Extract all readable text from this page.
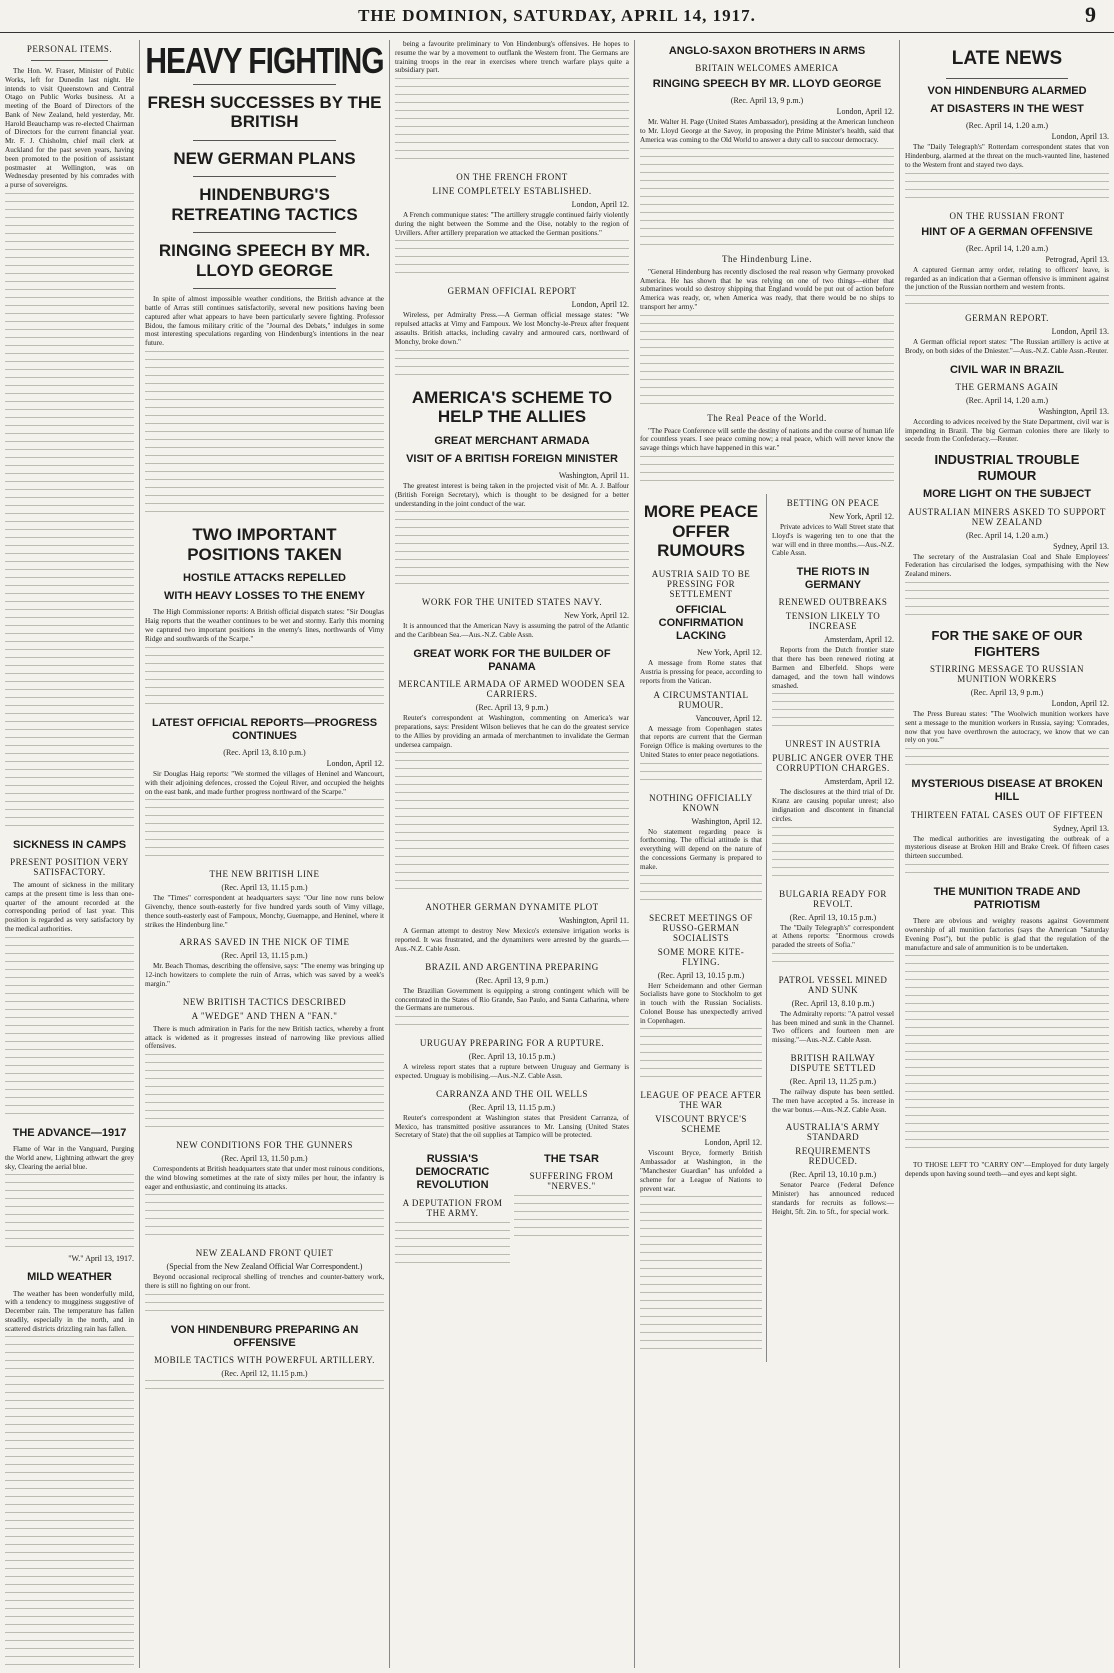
THE DOMINION, SATURDAY, APRIL 14, 1917.	9
PERSONAL ITEMS.

The Hon. W. Fraser, Minister of Public Works, left for Dunedin last night. He intends to visit Queenstown and Central Otago on Public Works business. At a meeting of the Board of Directors of the Bank of New Zealand, held yesterday, Mr. Harold Beauchamp was re-elected Chairman of Directors for the current financial year. Mr. F. J. Chisholm, chief mail clerk at Auckland for the past seven years, having been promoted to the position of assistant postmaster at Wellington, was on Wednesday presented by his comrades with a purse of sovereigns.

SICKNESS IN CAMPS
PRESENT POSITION VERY SATISFACTORY.

The amount of sickness in the military camps at the present time is less than one-quarter of the amount recorded at the corresponding period of last year. This position is regarded as very satisfactory by the medical authorities.

THE ADVANCE—1917

Flame of War in the Vanguard, Purging the World anew, Lightning athwart the grey sky, Clearing the aerial blue.

"W." April 13, 1917.
MILD WEATHER

The weather has been wonderfully mild, with a tendency to mugginess suggestive of December rain. The temperature has fallen steadily, especially in the north, and in scattered districts drizzling rain has fallen.

HEAVY FIGHTING
FRESH SUCCESSES BY THE BRITISH
NEW GERMAN PLANS
HINDENBURG'S RETREATING TACTICS
RINGING SPEECH BY MR. LLOYD GEORGE

In spite of almost impossible weather conditions, the British advance at the battle of Arras still continues satisfactorily, several new positions having been captured after what appears to have been particularly severe fighting. Professor Bidou, the famous military critic of the "Journal des Debats," indulges in some most interesting speculations regarding von Hindenburg's intentions in the near future.

TWO IMPORTANT POSITIONS TAKEN
HOSTILE ATTACKS REPELLED
WITH HEAVY LOSSES TO THE ENEMY

The High Commissioner reports: A British official dispatch states: "Sir Douglas Haig reports that the weather continues to be wet and stormy. Early this morning we captured two important positions in the enemy's lines, northwards of Vimy Ridge and southwards of the Scarpe."

LATEST OFFICIAL REPORTS—PROGRESS CONTINUES
(Rec. April 13, 8.10 p.m.)
London, April 12.

Sir Douglas Haig reports: "We stormed the villages of Heninel and Wancourt, with their adjoining defences, crossed the Cojeul River, and occupied the heights on the east bank, and made further progress northward of the Scarpe."

THE NEW BRITISH LINE
(Rec. April 13, 11.15 p.m.)

The "Times" correspondent at headquarters says: "Our line now runs below Givenchy, thence south-easterly for five hundred yards south of Vimy village, thence south-easterly east of Fampoux, Monchy, Guemappe, and Heninel, where it strikes the Hindenburg line."

ARRAS SAVED IN THE NICK OF TIME
(Rec. April 13, 11.15 p.m.)

Mr. Beach Thomas, describing the offensive, says: "The enemy was bringing up 12-inch howitzers to complete the ruin of Arras, which was saved by a week's margin."

NEW BRITISH TACTICS DESCRIBED
A "WEDGE" AND THEN A "FAN."

There is much admiration in Paris for the new British tactics, whereby a front attack is widened as it progresses instead of narrowing like previous allied offensives.

NEW CONDITIONS FOR THE GUNNERS
(Rec. April 13, 11.50 p.m.)

Correspondents at British headquarters state that under most ruinous conditions, the wind blowing sometimes at the rate of sixty miles per hour, the infantry is eager and enthusiastic, and continuing its attacks.

NEW ZEALAND FRONT QUIET
(Special from the New Zealand Official War Correspondent.)

Beyond occasional reciprocal shelling of trenches and counter-battery work, there is still no fighting on our front.

VON HINDENBURG PREPARING AN OFFENSIVE
MOBILE TACTICS WITH POWERFUL ARTILLERY.
(Rec. April 12, 11.15 p.m.)

being a favourite preliminary to Von Hindenburg's offensives. He hopes to resume the war by a movement to outflank the Western front. The Germans are training troops in the rear in exercises where trench warfare plays quite a subsidiary part.

ON THE FRENCH FRONT
LINE COMPLETELY ESTABLISHED.
London, April 12.

A French communique states: "The artillery struggle continued fairly violently during the night between the Somme and the Oise, notably to the region of Urvillers. After artillery preparation we attacked the German positions."

GERMAN OFFICIAL REPORT
London, April 12.

Wireless, per Admiralty Press.—A German official message states: "We repulsed attacks at Vimy and Fampoux. We lost Monchy-le-Preux after frequent assaults. British attacks, including cavalry and armoured cars, northward of Monchy, broke down."

AMERICA'S SCHEME TO HELP THE ALLIES
GREAT MERCHANT ARMADA
VISIT OF A BRITISH FOREIGN MINISTER
Washington, April 11.

The greatest interest is being taken in the projected visit of Mr. A. J. Balfour (British Foreign Secretary), which is thought to be designed for a better understanding in the joint conduct of the war.

WORK FOR THE UNITED STATES NAVY.
New York, April 12.

It is announced that the American Navy is assuming the patrol of the Atlantic and the Caribbean Sea.—Aus.-N.Z. Cable Assn.

GREAT WORK FOR THE BUILDER OF PANAMA
MERCANTILE ARMADA OF ARMED WOODEN SEA CARRIERS.
(Rec. April 13, 9 p.m.)

Reuter's correspondent at Washington, commenting on America's war preparations, says: President Wilson believes that he can do the greatest service to the Allies by providing an armada of merchantmen to invalidate the German undersea campaign.

ANOTHER GERMAN DYNAMITE PLOT
Washington, April 11.

A German attempt to destroy New Mexico's extensive irrigation works is reported. It was frustrated, and the dynamiters were arrested by the guards.—Aus.-N.Z. Cable Assn.

BRAZIL AND ARGENTINA PREPARING
(Rec. April 13, 9 p.m.)

The Brazilian Government is equipping a strong contingent which will be concentrated in the States of Rio Grande, Sao Paulo, and Santa Catharina, where the Germans are numerous.

URUGUAY PREPARING FOR A RUPTURE.
(Rec. April 13, 10.15 p.m.)

A wireless report states that a rupture between Uruguay and Germany is expected. Uruguay is mobilising.—Aus.-N.Z. Cable Assn.

CARRANZA AND THE OIL WELLS
(Rec. April 13, 11.15 p.m.)

Reuter's correspondent at Washington states that President Carranza, of Mexico, has transmitted positive assurances to Mr. Lansing (United States Secretary of State) that the oil supplies at Tampico will be protected.

RUSSIA'S DEMOCRATIC REVOLUTION
A DEPUTATION FROM THE ARMY.
THE TSAR
SUFFERING FROM "NERVES."
ANGLO-SAXON BROTHERS IN ARMS
BRITAIN WELCOMES AMERICA
RINGING SPEECH BY MR. LLOYD GEORGE
(Rec. April 13, 9 p.m.)
London, April 12.

Mr. Walter H. Page (United States Ambassador), presiding at the American luncheon to Mr. Lloyd George at the Savoy, in proposing the Prime Minister's health, said that America was coming to the Old World to answer a duty call to succour democracy.

The Hindenburg Line.

"General Hindenburg has recently disclosed the real reason why Germany provoked America. He has shown that he was relying on one of two things—either that submarines would so destroy shipping that England would be put out of action before America was ready, or, when America was ready, that there would be no ships to transport her army."

The Real Peace of the World.

"The Peace Conference will settle the destiny of nations and the course of human life for countless years. I see peace coming now; a real peace, which will never know the savage things which have happened in this war."

MORE PEACE OFFER RUMOURS
AUSTRIA SAID TO BE PRESSING FOR SETTLEMENT
OFFICIAL CONFIRMATION LACKING
New York, April 12.

A message from Rome states that Austria is pressing for peace, according to reports from the Vatican.

A CIRCUMSTANTIAL RUMOUR.
Vancouver, April 12.

A message from Copenhagen states that reports are current that the German Foreign Office is making overtures to the United States to enter peace negotiations.

NOTHING OFFICIALLY KNOWN
Washington, April 12.

No statement regarding peace is forthcoming. The official attitude is that everything will depend on the nature of the concessions Germany is prepared to make.

SECRET MEETINGS OF RUSSO-GERMAN SOCIALISTS
SOME MORE KITE-FLYING.
(Rec. April 13, 10.15 p.m.)

Herr Scheidemann and other German Socialists have gone to Stockholm to get in touch with the Russian Socialists. Colonel Bouse has unexpectedly arrived in Copenhagen.

LEAGUE OF PEACE AFTER THE WAR
VISCOUNT BRYCE'S SCHEME
London, April 12.

Viscount Bryce, formerly British Ambassador at Washington, in the "Manchester Guardian" has unfolded a scheme for a League of Nations to prevent war.

BETTING ON PEACE
New York, April 12.

Private advices to Wall Street state that Lloyd's is wagering ten to one that the war will end in three months.—Aus.-N.Z. Cable Assn.

THE RIOTS IN GERMANY
RENEWED OUTBREAKS
TENSION LIKELY TO INCREASE
Amsterdam, April 12.

Reports from the Dutch frontier state that there has been renewed rioting at Barmen and Elberfeld. Shops were damaged, and the town hall windows smashed.

UNREST IN AUSTRIA
PUBLIC ANGER OVER THE CORRUPTION CHARGES.
Amsterdam, April 12.

The disclosures at the third trial of Dr. Kranz are causing popular unrest; also indignation and discontent in financial circles.

BULGARIA READY FOR REVOLT.
(Rec. April 13, 10.15 p.m.)

The "Daily Telegraph's" correspondent at Athens reports: "Enormous crowds paraded the streets of Sofia."

PATROL VESSEL MINED AND SUNK
(Rec. April 13, 8.10 p.m.)

The Admiralty reports: "A patrol vessel has been mined and sunk in the Channel. Two officers and fourteen men are missing."—Aus.-N.Z. Cable Assn.

BRITISH RAILWAY DISPUTE SETTLED
(Rec. April 13, 11.25 p.m.)

The railway dispute has been settled. The men have accepted a 5s. increase in the war bonus.—Aus.-N.Z. Cable Assn.

AUSTRALIA'S ARMY STANDARD
REQUIREMENTS REDUCED.
(Rec. April 13, 10.10 p.m.)

Senator Pearce (Federal Defence Minister) has announced reduced standards for recruits as follows:—Height, 5ft. 2in. to 5ft., for special work.

LATE NEWS
VON HINDENBURG ALARMED
AT DISASTERS IN THE WEST
(Rec. April 14, 1.20 a.m.)
London, April 13.

The "Daily Telegraph's" Rotterdam correspondent states that von Hindenburg, alarmed at the threat on the much-vaunted line, hastened to the Western front and stayed two days.

ON THE RUSSIAN FRONT
HINT OF A GERMAN OFFENSIVE
(Rec. April 14, 1.20 a.m.)
Petrograd, April 13.

A captured German army order, relating to officers' leave, is regarded as an indication that a German offensive is imminent against the junction of the Russian northern and western fronts.

GERMAN REPORT.
London, April 13.

A German official report states: "The Russian artillery is active at Brody, on both sides of the Dniester."—Aus.-N.Z. Cable Assn.-Reuter.

CIVIL WAR IN BRAZIL
THE GERMANS AGAIN
(Rec. April 14, 1.20 a.m.)
Washington, April 13.

According to advices received by the State Department, civil war is impending in Brazil. The big German colonies there are likely to secede from the Confederacy.—Reuter.

INDUSTRIAL TROUBLE RUMOUR
MORE LIGHT ON THE SUBJECT
AUSTRALIAN MINERS ASKED TO SUPPORT NEW ZEALAND
(Rec. April 14, 1.20 a.m.)
Sydney, April 13.

The secretary of the Australasian Coal and Shale Employees' Federation has circularised the lodges, sympathising with the New Zealand miners.

FOR THE SAKE OF OUR FIGHTERS
STIRRING MESSAGE TO RUSSIAN MUNITION WORKERS
(Rec. April 13, 9 p.m.)
London, April 12.

The Press Bureau states: "The Woolwich munition workers have sent a message to the munition workers in Russia, saying: 'Comrades, now that you have overthrown the autocracy, we know that we can rely on you.'"

MYSTERIOUS DISEASE AT BROKEN HILL
THIRTEEN FATAL CASES OUT OF FIFTEEN
Sydney, April 13.

The medical authorities are investigating the outbreak of a mysterious disease at Broken Hill and Brake Creek. Of fifteen cases thirteen succumbed.

THE MUNITION TRADE AND PATRIOTISM

There are obvious and weighty reasons against Government ownership of all munition factories (says the American "Saturday Evening Post"), but the public is glad that the regulation of the manufacture and sale of ammunition is to be undertaken.

TO THOSE LEFT TO "CARRY ON"—Employed for duty largely depends upon having sound teeth—and eyes and kept sight.
